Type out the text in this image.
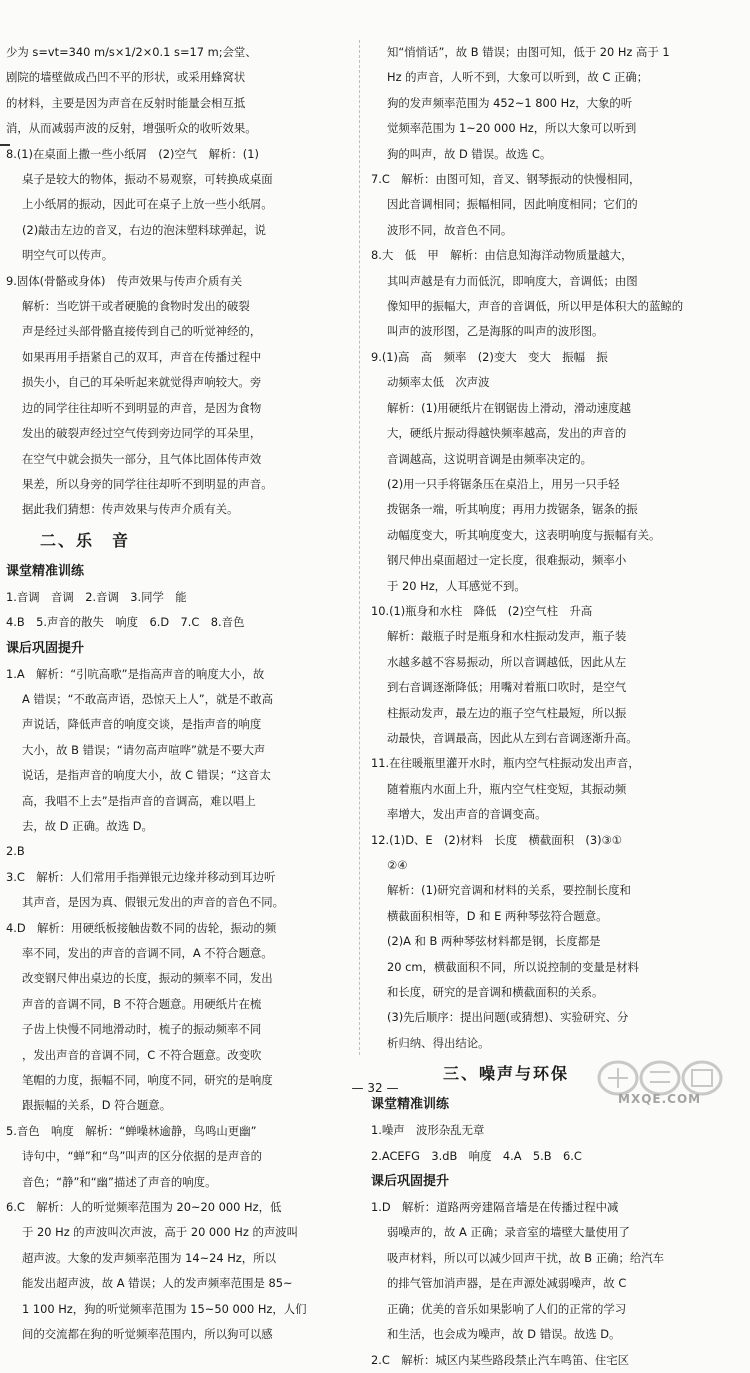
少为 s=vt=340 m/s×1/2×0.1 s=17 m;会堂、
剧院的墙壁做成凸凹不平的形状，或采用蜂窝状
的材料，主要是因为声音在反射时能量会相互抵
消，从而减弱声波的反射，增强听众的收听效果。
8.(1)在桌面上撒一些小纸屑　(2)空气　解析：(1)
桌子是较大的物体，振动不易观察，可转换成桌面
上小纸屑的振动，因此可在桌子上放一些小纸屑。
(2)敲击左边的音叉，右边的泡沫塑料球弹起，说
明空气可以传声。
9.固体(骨骼或身体)　传声效果与传声介质有关
解析：当吃饼干或者硬脆的食物时发出的破裂
声是经过头部骨骼直接传到自己的听觉神经的，
如果再用手捂紧自己的双耳，声音在传播过程中
损失小，自己的耳朵听起来就觉得声响较大。旁
边的同学往往却听不到明显的声音，是因为食物
发出的破裂声经过空气传到旁边同学的耳朵里，
在空气中就会损失一部分，且气体比固体传声效
果差，所以身旁的同学往往却听不到明显的声音。
据此我们猜想：传声效果与传声介质有关。
二、乐　音
课堂精准训练
1.音调　音调　2.音调　3.同学　能
4.B　5.声音的散失　响度　6.D　7.C　8.音色
课后巩固提升
1.A　解析：“引吭高歌”是指高声音的响度大小，故
A 错误；“不敢高声语，恐惊天上人”，就是不敢高
声说话，降低声音的响度交谈，是指声音的响度
大小，故 B 错误；“请勿高声喧哗”就是不要大声
说话，是指声音的响度大小，故 C 错误；“这音太
高，我唱不上去”是指声音的音调高，难以唱上
去，故 D 正确。故选 D。
2.B
3.C　解析：人们常用手指弹银元边缘并移动到耳边听
其声音，是因为真、假银元发出的声音的音色不同。
4.D　解析：用硬纸板接触齿数不同的齿轮，振动的频
率不同，发出的声音的音调不同，A 不符合题意。
改变钢尺伸出桌边的长度，振动的频率不同，发出
声音的音调不同，B 不符合题意。用硬纸片在梳
子齿上快慢不同地滑动时，梳子的振动频率不同
，发出声音的音调不同，C 不符合题意。改变吹
笔帽的力度，振幅不同，响度不同，研究的是响度
跟振幅的关系，D 符合题意。
5.音色　响度　解析：“蝉噪林逾静，鸟鸣山更幽”
诗句中，“蝉”和“鸟”叫声的区分依据的是声音的
音色；“静”和“幽”描述了声音的响度。
6.C　解析：人的听觉频率范围为 20~20 000 Hz，低
于 20 Hz 的声波叫次声波，高于 20 000 Hz 的声波叫
超声波。大象的发声频率范围为 14~24 Hz，所以
能发出超声波，故 A 错误；人的发声频率范围是 85~
1 100 Hz，狗的听觉频率范围为 15~50 000 Hz，人们
间的交流都在狗的听觉频率范围内，所以狗可以感
知“悄悄话”，故 B 错误；由图可知，低于 20 Hz 高于 1
Hz 的声音，人听不到，大象可以听到，故 C 正确；
狗的发声频率范围为 452~1 800 Hz，大象的听
觉频率范围为 1~20 000 Hz，所以大象可以听到
狗的叫声，故 D 错误。故选 C。
7.C　解析：由图可知，音叉、钢琴振动的快慢相同，
因此音调相同；振幅相同，因此响度相同；它们的
波形不同，故音色不同。
8.大　低　甲　解析：由信息知海洋动物质量越大，
其叫声越是有力而低沉，即响度大，音调低；由图
像知甲的振幅大，声音的音调低，所以甲是体积大的蓝鲸的
叫声的波形图，乙是海豚的叫声的波形图。
9.(1)高　高　频率　(2)变大　变大　振幅　振
动频率太低　次声波
解析：(1)用硬纸片在钢锯齿上滑动，滑动速度越
大，硬纸片振动得越快频率越高，发出的声音的
音调越高，这说明音调是由频率决定的。
(2)用一只手将锯条压在桌沿上，用另一只手轻
拨锯条一端，听其响度；再用力拨锯条，锯条的振
动幅度变大，听其响度变大，这表明响度与振幅有关。
钢尺伸出桌面超过一定长度，很难振动，频率小
于 20 Hz，人耳感觉不到。
10.(1)瓶身和水柱　降低　(2)空气柱　升高
解析：敲瓶子时是瓶身和水柱振动发声，瓶子装
水越多越不容易振动，所以音调越低，因此从左
到右音调逐渐降低；用嘴对着瓶口吹时，是空气
柱振动发声，最左边的瓶子空气柱最短，所以振
动最快，音调最高，因此从左到右音调逐渐升高。
11.在往暖瓶里灌开水时，瓶内空气柱振动发出声音，
随着瓶内水面上升，瓶内空气柱变短，其振动频
率增大，发出声音的音调变高。
12.(1)D、E　(2)材料　长度　横截面积　(3)③①
②④
解析：(1)研究音调和材料的关系，要控制长度和
横截面积相等，D 和 E 两种琴弦符合题意。
(2)A 和 B 两种琴弦材料都是钢，长度都是
20 cm，横截面积不同，所以说控制的变量是材料
和长度，研究的是音调和横截面积的关系。
(3)先后顺序：提出问题(或猜想)、实验研究、分
析归纳、得出结论。
三、噪声与环保
课堂精准训练
1.噪声　波形杂乱无章
2.ACEFG　3.dB　响度　4.A　5.B　6.C
课后巩固提升
1.D　解析：道路两旁建隔音墙是在传播过程中减
弱噪声的，故 A 正确；录音室的墙壁大量使用了
吸声材料，所以可以减少回声干扰，故 B 正确；给汽车
的排气管加消声器，是在声源处减弱噪声，故 C
正确；优美的音乐如果影响了人们的正常的学习
和生活，也会成为噪声，故 D 错误。故选 D。
2.C　解析：城区内某些路段禁止汽车鸣笛、住宅区
— 32 —
MXQE.COM
